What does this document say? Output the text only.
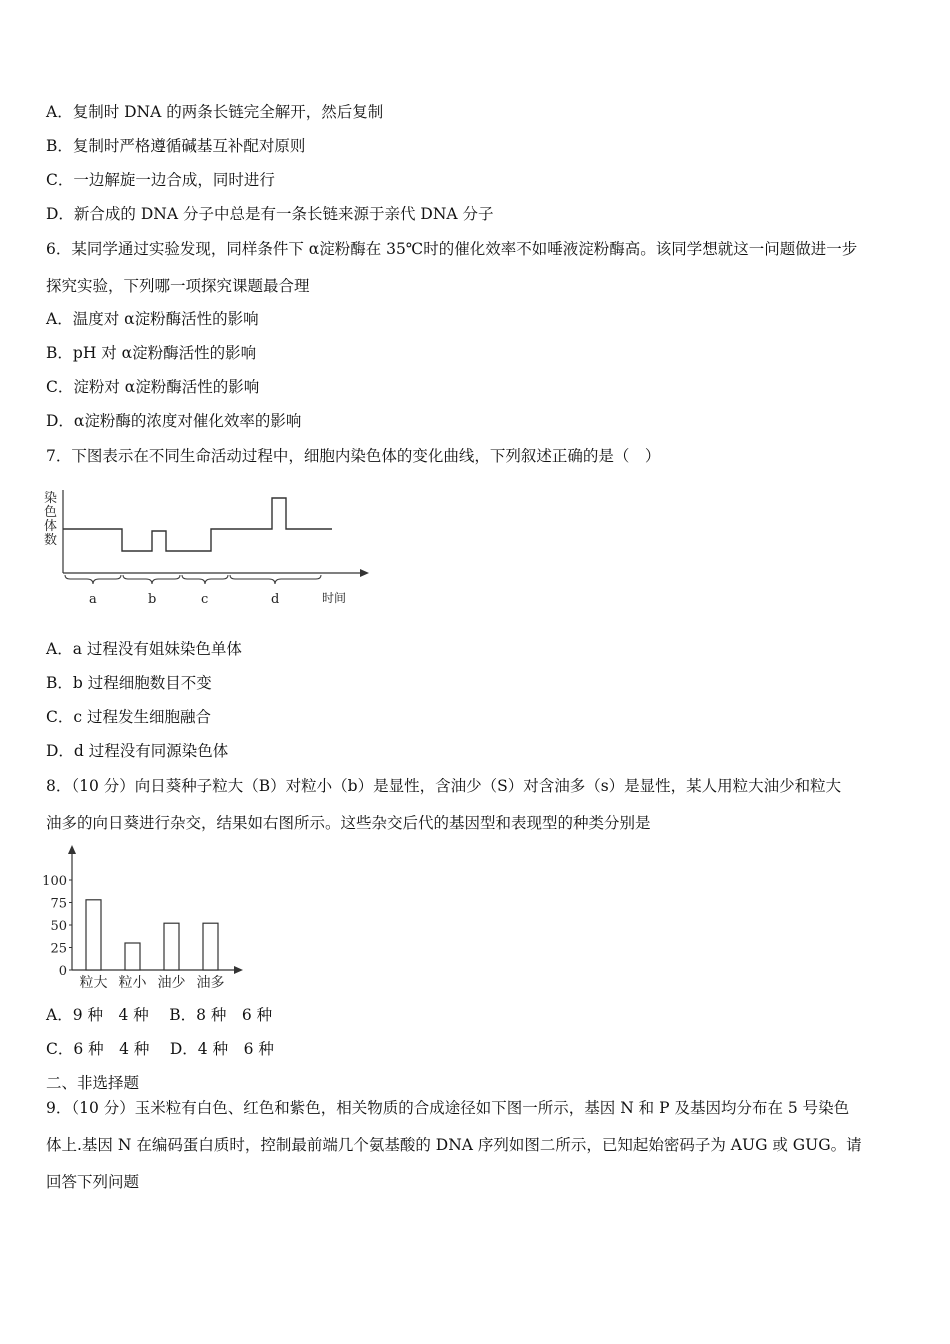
A．复制时 DNA 的两条长链完全解开，然后复制
B．复制时严格遵循碱基互补配对原则
C．一边解旋一边合成，同时进行
D．新合成的 DNA 分子中总是有一条长链来源于亲代 DNA 分子
6．某同学通过实验发现，同样条件下 α淀粉酶在 35℃时的催化效率不如唾液淀粉酶高。该同学想就这一问题做进一步
探究实验，下列哪一项探究课题最合理
A．温度对 α淀粉酶活性的影响
B．pH 对 α淀粉酶活性的影响
C．淀粉对 α淀粉酶活性的影响
D．α淀粉酶的浓度对催化效率的影响
7．下图表示在不同生命活动过程中，细胞内染色体的变化曲线，下列叙述正确的是（　）
染
色
体
数
a	b	c	d	时间
A．a 过程没有姐妹染色单体
B．b 过程细胞数目不变
C．c 过程发生细胞融合
D．d 过程没有同源染色体
8．（10 分）向日葵种子粒大（B）对粒小（b）是显性，含油少（S）对含油多（s）是显性，某人用粒大油少和粒大
油多的向日葵进行杂交，结果如右图所示。这些杂交后代的基因型和表现型的种类分别是
0
25
50
75
100
粒大 粒小 油少 油多
A．9 种　4 种　 B．8 种　6 种
C．6 种　4 种　 D．4 种　6 种
二、非选择题
9．（10 分）玉米粒有白色、红色和紫色，相关物质的合成途径如下图一所示，基因 N 和 P 及基因均分布在 5 号染色
体上.基因 N 在编码蛋白质时，控制最前端几个氨基酸的 DNA 序列如图二所示，已知起始密码子为 AUG 或 GUG。请
回答下列问题
